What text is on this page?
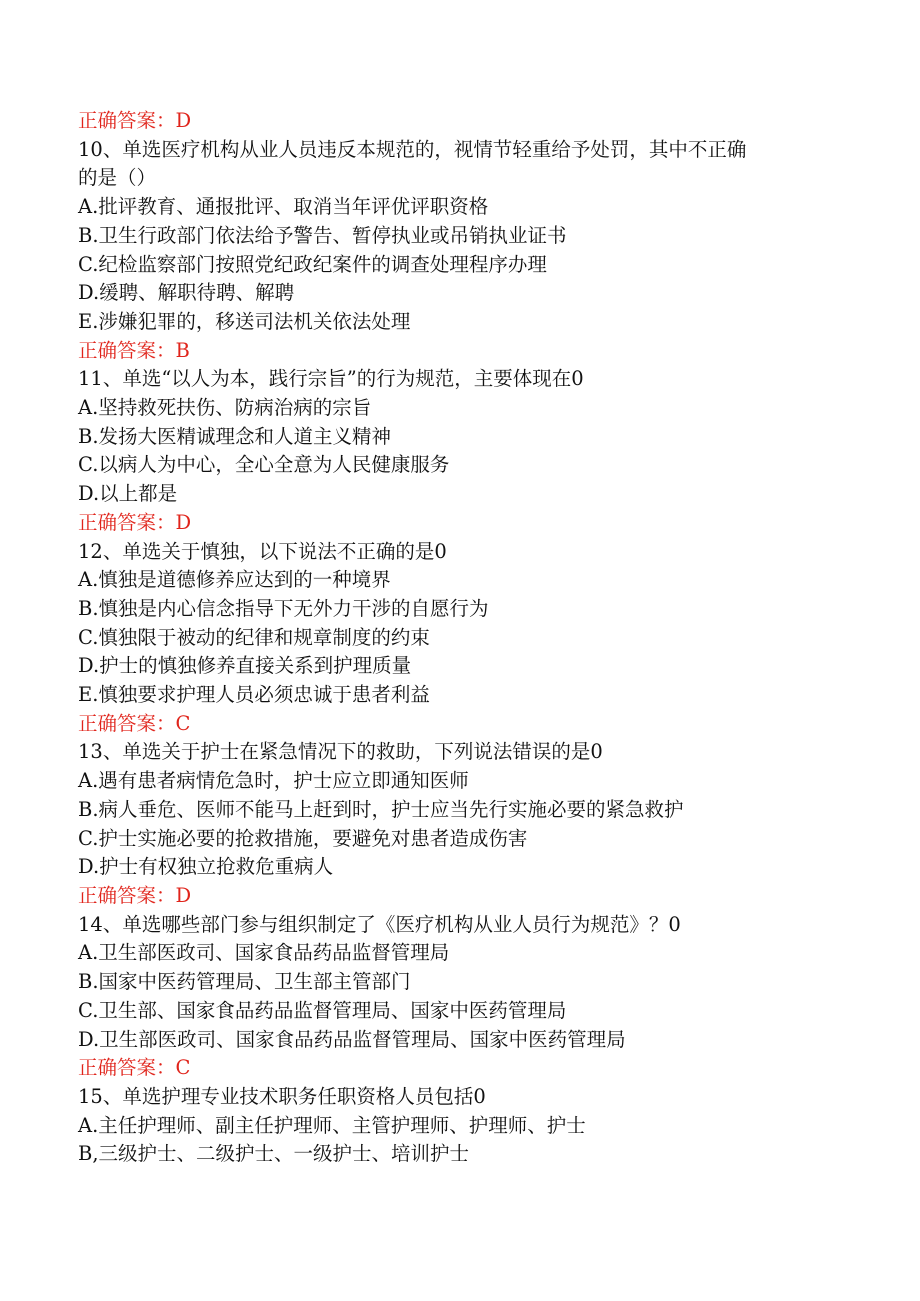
正确答案：D
10、单选医疗机构从业人员违反本规范的，视情节轻重给予处罚，其中不正确
的是（）
A.批评教育、通报批评、取消当年评优评职资格
B.卫生行政部门依法给予警告、暂停执业或吊销执业证书
C.纪检监察部门按照党纪政纪案件的调查处理程序办理
D.缓聘、解职待聘、解聘
E.涉嫌犯罪的，移送司法机关依法处理
正确答案：B
11、单选“以人为本，践行宗旨”的行为规范，主要体现在0
A.坚持救死扶伤、防病治病的宗旨
B.发扬大医精诚理念和人道主义精神
C.以病人为中心，全心全意为人民健康服务
D.以上都是
正确答案：D
12、单选关于慎独，以下说法不正确的是0
A.慎独是道德修养应达到的一种境界
B.慎独是内心信念指导下无外力干涉的自愿行为
C.慎独限于被动的纪律和规章制度的约束
D.护士的慎独修养直接关系到护理质量
E.慎独要求护理人员必须忠诚于患者利益
正确答案：C
13、单选关于护士在紧急情况下的救助，下列说法错误的是0
A.遇有患者病情危急时，护士应立即通知医师
B.病人垂危、医师不能马上赶到时，护士应当先行实施必要的紧急救护
C.护士实施必要的抢救措施，要避免对患者造成伤害
D.护士有权独立抢救危重病人
正确答案：D
14、单选哪些部门参与组织制定了《医疗机构从业人员行为规范》？0
A.卫生部医政司、国家食品药品监督管理局
B.国家中医药管理局、卫生部主管部门
C.卫生部、国家食品药品监督管理局、国家中医药管理局
D.卫生部医政司、国家食品药品监督管理局、国家中医药管理局
正确答案：C
15、单选护理专业技术职务任职资格人员包括0
A.主任护理师、副主任护理师、主管护理师、护理师、护士
B,三级护士、二级护士、一级护士、培训护士
